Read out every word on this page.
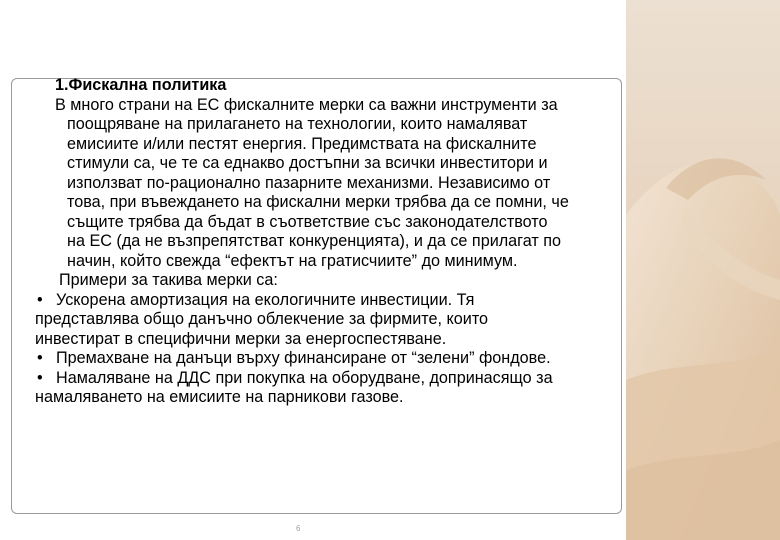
1.Фискална политика

В много страни на ЕС фискалните мерки са важни инструменти за

поощряване на прилагането на технологии, които намаляват

емисиите и/или пестят енергия. Предимствата на фискалните

стимули са, че те са еднакво достъпни за всички инвеститори и

използват по-рационално пазарните механизми. Независимо от

това, при въвеждането на фискални мерки трябва да се помни, че

същите трябва да бъдат в съответствие със законодателството

на ЕС (да не възпрепятстват конкуренцията), и да се прилагат по

начин, който свежда “ефектът на гратисчиите” до минимум.

Примери за такива мерки са:

• Ускорена амортизация на екологичните инвестиции. Тя

представлява общо данъчно облекчение за фирмите, които

инвестират в специфични мерки за енергоспестяване.

• Премахване на данъци върху финансиране от “зелени” фондове.

• Намаляване на ДДС при покупка на оборудване, допринасящо за

намаляването на емисиите на парникови газове.

6
